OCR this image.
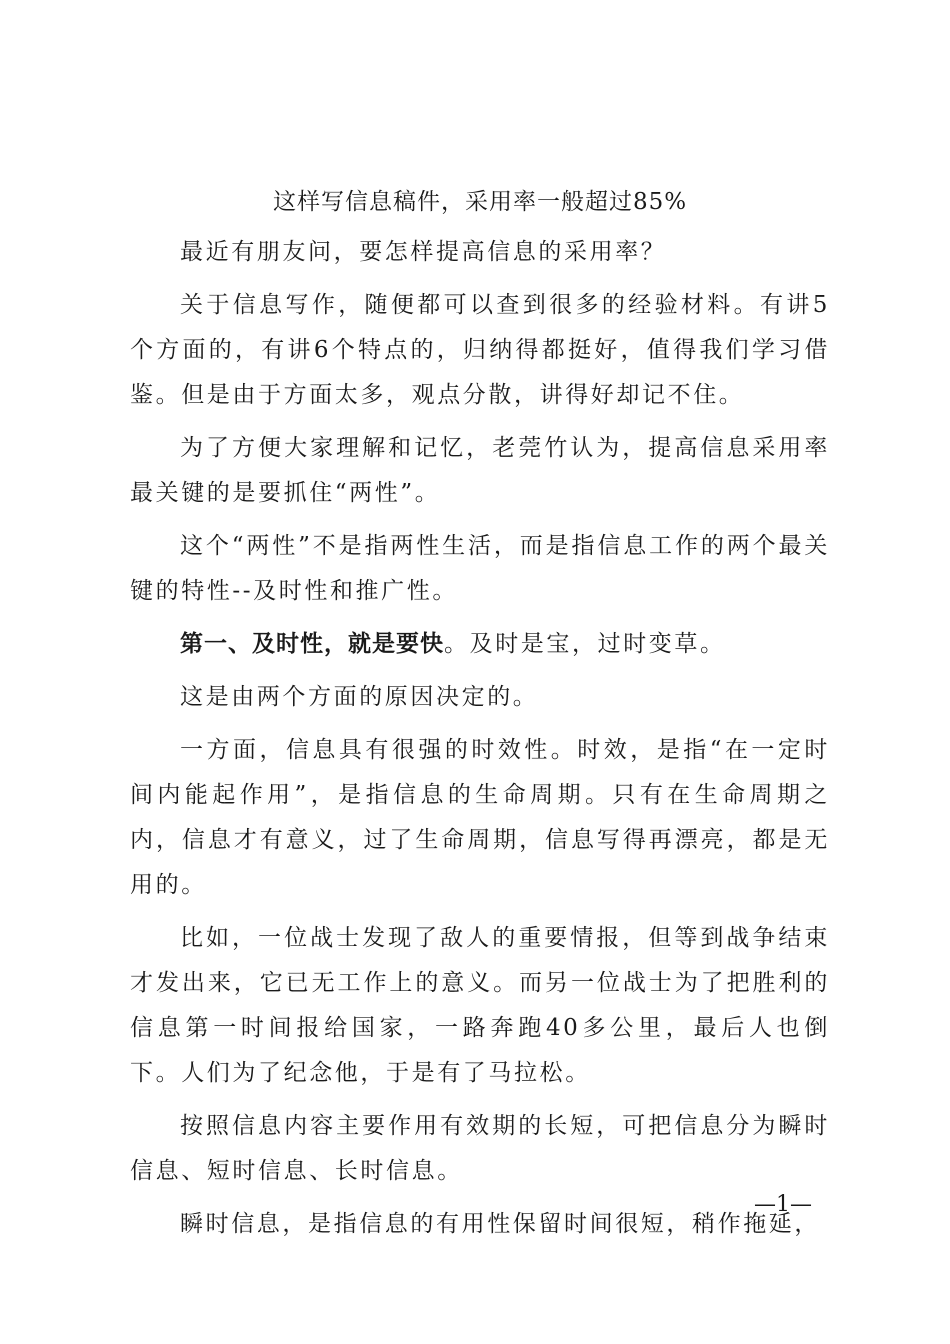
这样写信息稿件，采用率一般超过85%

最近有朋友问，要怎样提高信息的采用率？

关于信息写作，随便都可以查到很多的经验材料。有讲5个方面的，有讲6个特点的，归纳得都挺好，值得我们学习借鉴。但是由于方面太多，观点分散，讲得好却记不住。

为了方便大家理解和记忆，老莞竹认为，提高信息采用率最关键的是要抓住“两性”。

这个“两性”不是指两性生活，而是指信息工作的两个最关键的特性--及时性和推广性。

第一、及时性，就是要快。及时是宝，过时变草。

这是由两个方面的原因决定的。

一方面，信息具有很强的时效性。时效，是指“在一定时间内能起作用”，是指信息的生命周期。只有在生命周期之内，信息才有意义，过了生命周期，信息写得再漂亮，都是无用的。

比如，一位战士发现了敌人的重要情报，但等到战争结束才发出来，它已无工作上的意义。而另一位战士为了把胜利的信息第一时间报给国家，一路奔跑40多公里，最后人也倒下。人们为了纪念他，于是有了马拉松。

按照信息内容主要作用有效期的长短，可把信息分为瞬时信息、短时信息、长时信息。

瞬时信息，是指信息的有用性保留时间很短，稍作拖延，

—1—
